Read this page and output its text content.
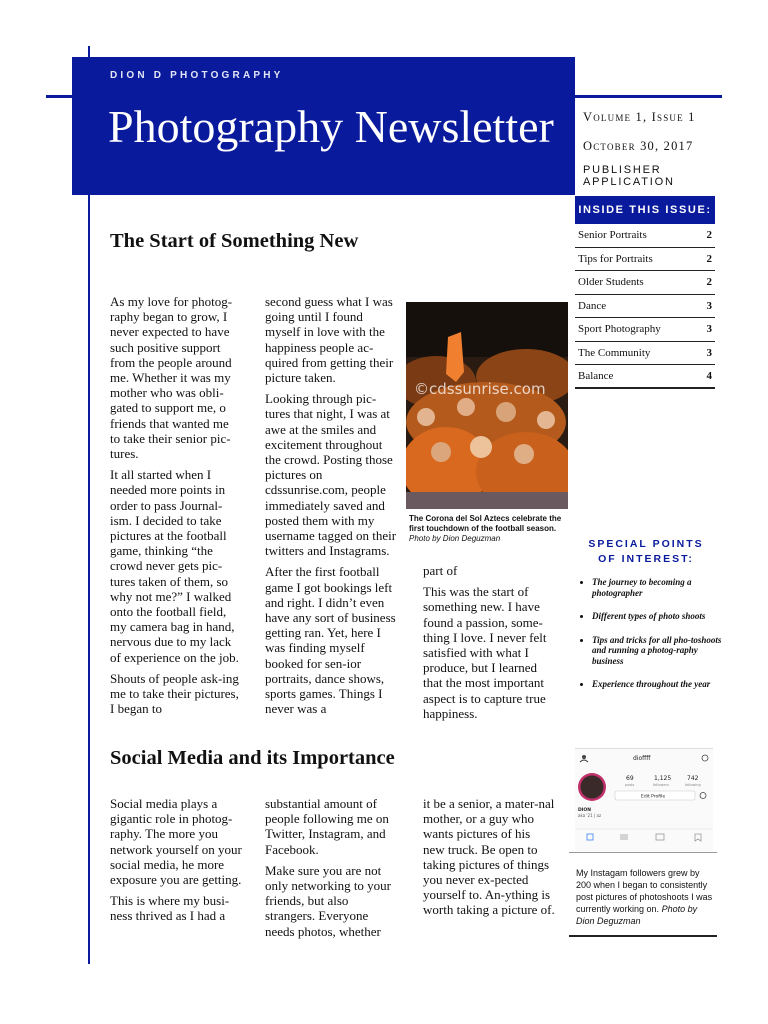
DION D PHOTOGRAPHY
Photography Newsletter Volume 1, Issue 1
October 30, 2017
PUBLISHER
APPLICATION
INSIDE THIS ISSUE:
Senior Portraits	2
Tips for Portraits	2
Older Students	2
Dance	3
Sport Photography	3
The Community	3
Balance	4
The Start of Something New

As my love for photog-raphy began to grow, I never expected to have such positive support from the people around me. Whether it was my mother who was obli-gated to support me, o friends that wanted me to take their senior pic-tures.

It all started when I needed more points in order to pass Journal-ism. I decided to take pictures at the football game, thinking “the crowd never gets pic-tures taken of them, so why not me?” I walked onto the football field, my camera bag in hand, nervous due to my lack of experience on the job.

Shouts of people ask-ing me to take their pictures, I began to

second guess what I was going until I found myself in love with the happiness people ac-quired from getting their picture taken.

Looking through pic-tures that night, I was at awe at the smiles and excitement throughout the crowd. Posting those pictures on cdssunrise.com, people immediately saved and posted them with my username tagged on their twitters and Instagrams.

After the first football game I got bookings left and right. I didn’t even have any sort of business getting ran. Yet, here I was finding myself booked for sen-ior portraits, dance shows, sports games. Things I never was a

©cdssunrise.com
The Corona del Sol Aztecs celebrate the first touchdown of the football season.
Photo by Dion Deguzman

part of

This was the start of something new. I have found a passion, some-thing I love. I never felt satisfied with what I produce, but I learned that the most important aspect is to capture true happiness.

SPECIAL POINTS OF INTEREST:
• The journey to becoming a photographer
• Different types of photo shoots
• Tips and tricks for all pho-toshoots and running a photog-raphy business
• Experience throughout the year
Social Media and its Importance

Social media plays a gigantic role in photog-raphy. The more you network yourself on your social media, he more exposure you are getting.

This is where my busi-ness thrived as I had a

substantial amount of people following me on Twitter, Instagram, and Facebook.

Make sure you are not only networking to your friends, but also strangers. Everyone needs photos, whether

it be a senior, a mater-nal mother, or a guy who wants pictures of his new truck. Be open to taking pictures of things you never ex-pected yourself to. An-ything is worth taking a picture of.

dioffff
69
posts
1,125
followers
742
following
Edit Profile
DION
aka '21 | az
My Instagam followers grew by 200 when I began to consistently post pictures of photoshoots I was currently working on. Photo by Dion Deguzman
